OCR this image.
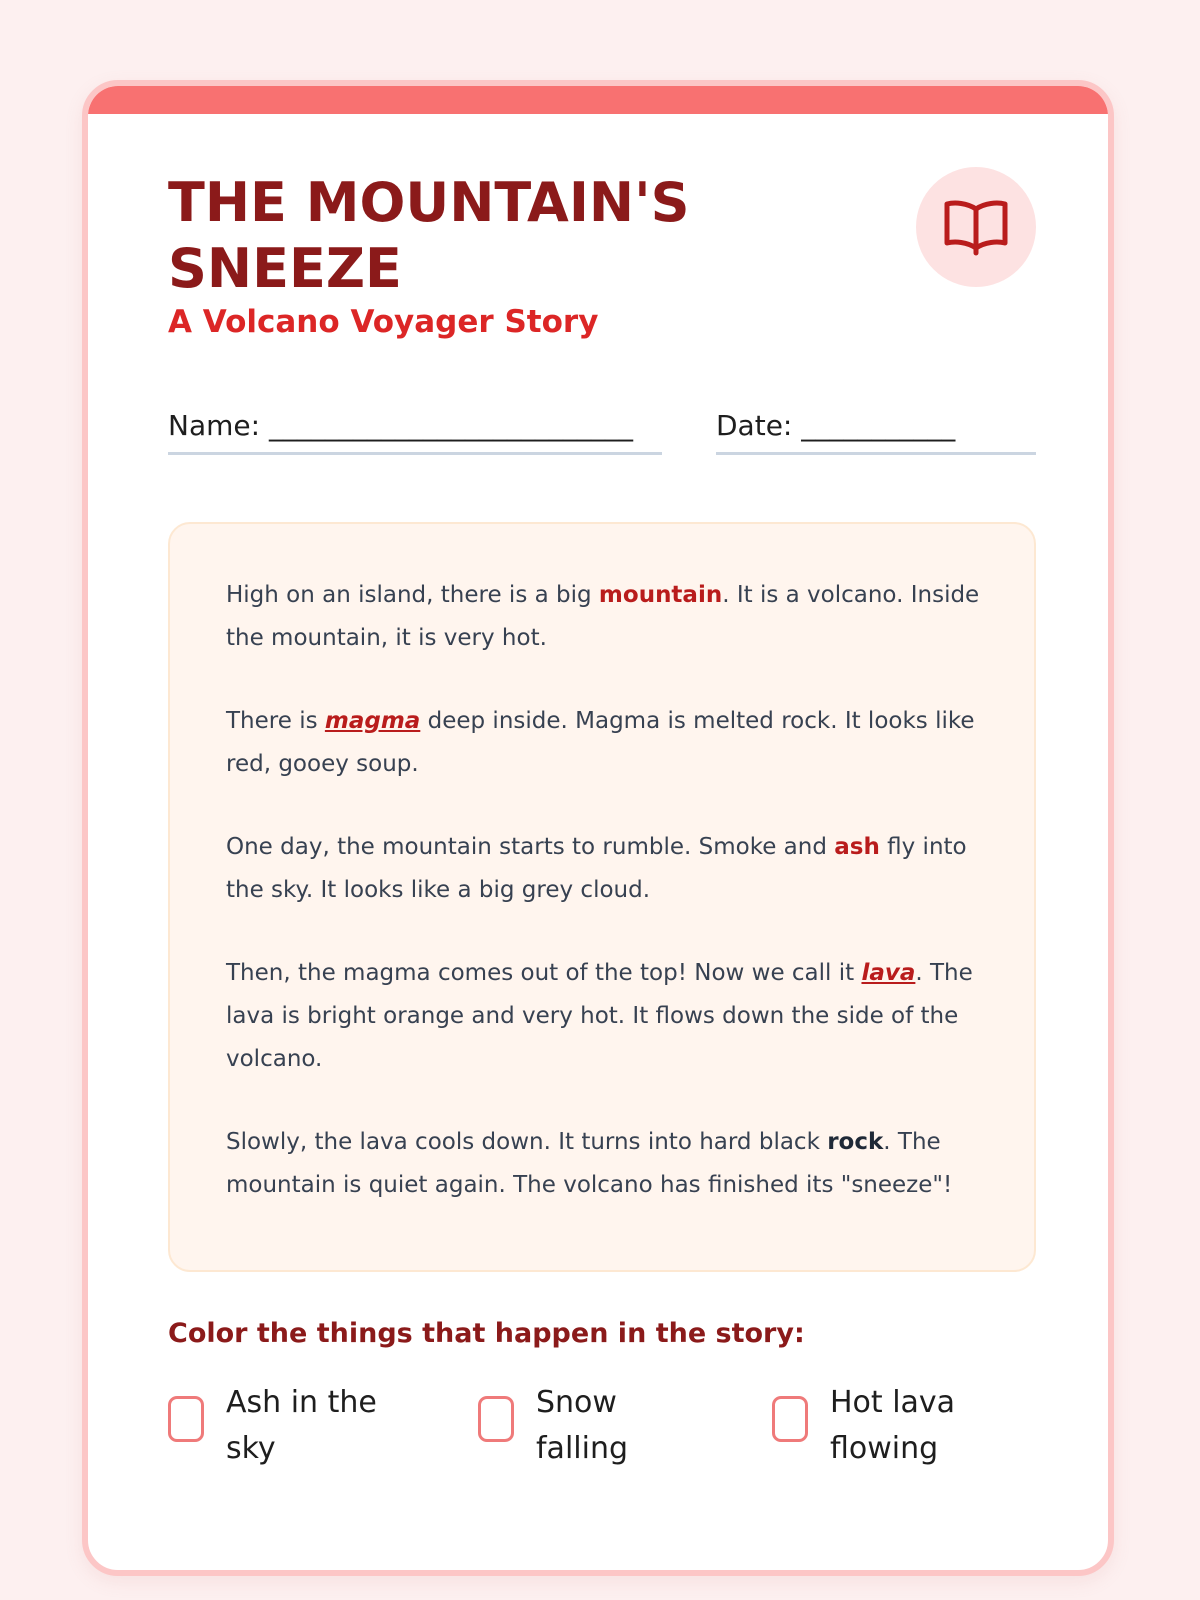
THE MOUNTAIN'S SNEEZE
A Volcano Voyager Story
Name: __________________________	Date: ___________

High on an island, there is a big mountain. It is a volcano. Inside the mountain, it is very hot.

There is magma deep inside. Magma is melted rock. It looks like red, gooey soup.

One day, the mountain starts to rumble. Smoke and ash fly into the sky. It looks like a big grey cloud.

Then, the magma comes out of the top! Now we call it lava. The lava is bright orange and very hot. It flows down the side of the volcano.

Slowly, the lava cools down. It turns into hard black rock. The mountain is quiet again. The volcano has finished its "sneeze"!

Color the things that happen in the story:
Ash in the sky
Snow falling
Hot lava flowing
